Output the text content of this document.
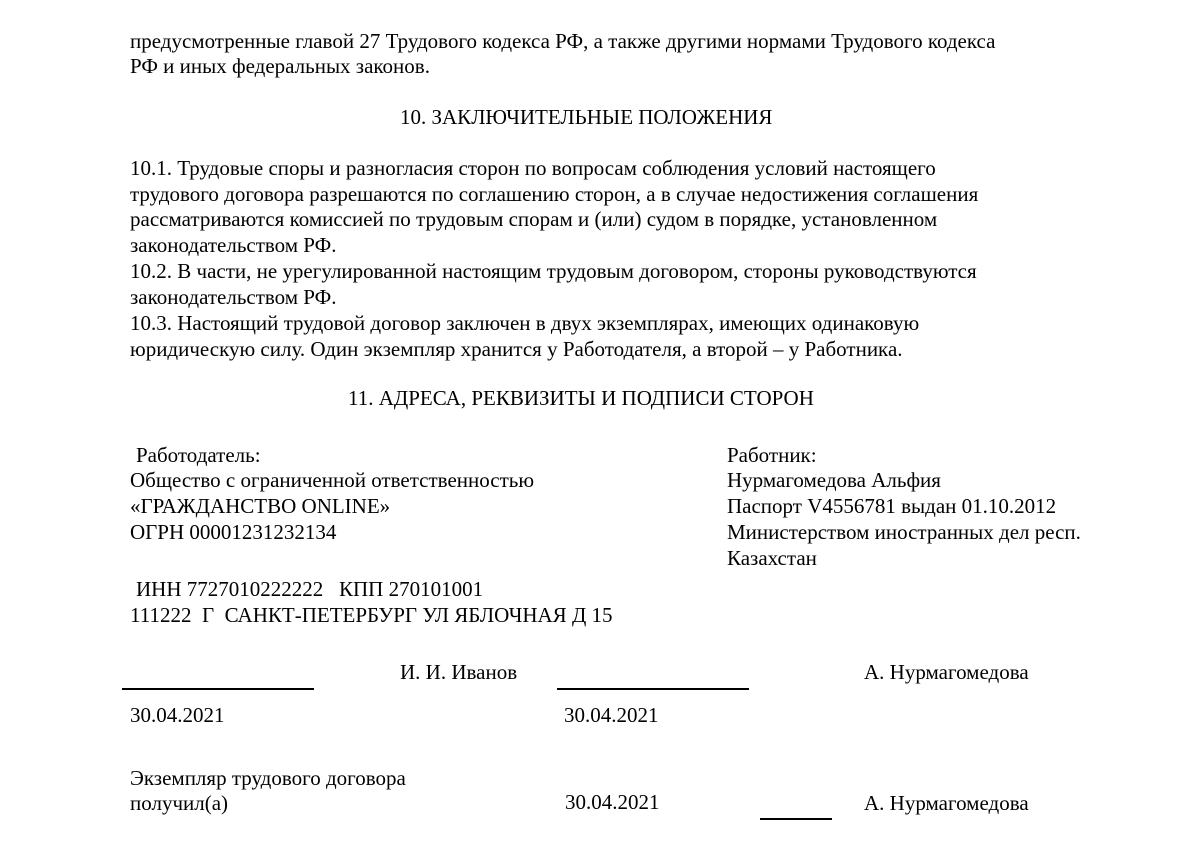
предусмотренные главой 27 Трудового кодекса РФ, а также другими нормами Трудового кодекса
РФ и иных федеральных законов.
10. ЗАКЛЮЧИТЕЛЬНЫЕ ПОЛОЖЕНИЯ
10.1. Трудовые споры и разногласия сторон по вопросам соблюдения условий настоящего
трудового договора разрешаются по соглашению сторон, а в случае недостижения соглашения
рассматриваются комиссией по трудовым спорам и (или) судом в порядке, установленном
законодательством РФ.
10.2. В части, не урегулированной настоящим трудовым договором, стороны руководствуются
законодательством РФ.
10.3. Настоящий трудовой договор заключен в двух экземплярах, имеющих одинаковую
юридическую силу. Один экземпляр хранится у Работодателя, а второй – у Работника.
11. АДРЕСА, РЕКВИЗИТЫ И ПОДПИСИ СТОРОН
Работодатель:
Общество с ограниченной ответственностью
«ГРАЖДАНСТВО ONLINE»
ОГРН 00001231232134
ИНН 7727010222222   КПП 270101001
111222  Г  САНКТ-ПЕТЕРБУРГ УЛ ЯБЛОЧНАЯ Д 15
Работник:
Нурмагомедова Альфия
Паспорт V4556781 выдан 01.10.2012
Министерством иностранных дел респ.
Казахстан
И. И. Иванов	А. Нурмагомедова
30.04.2021	30.04.2021
Экземпляр трудового договора
получил(а)	30.04.2021	А. Нурмагомедова
